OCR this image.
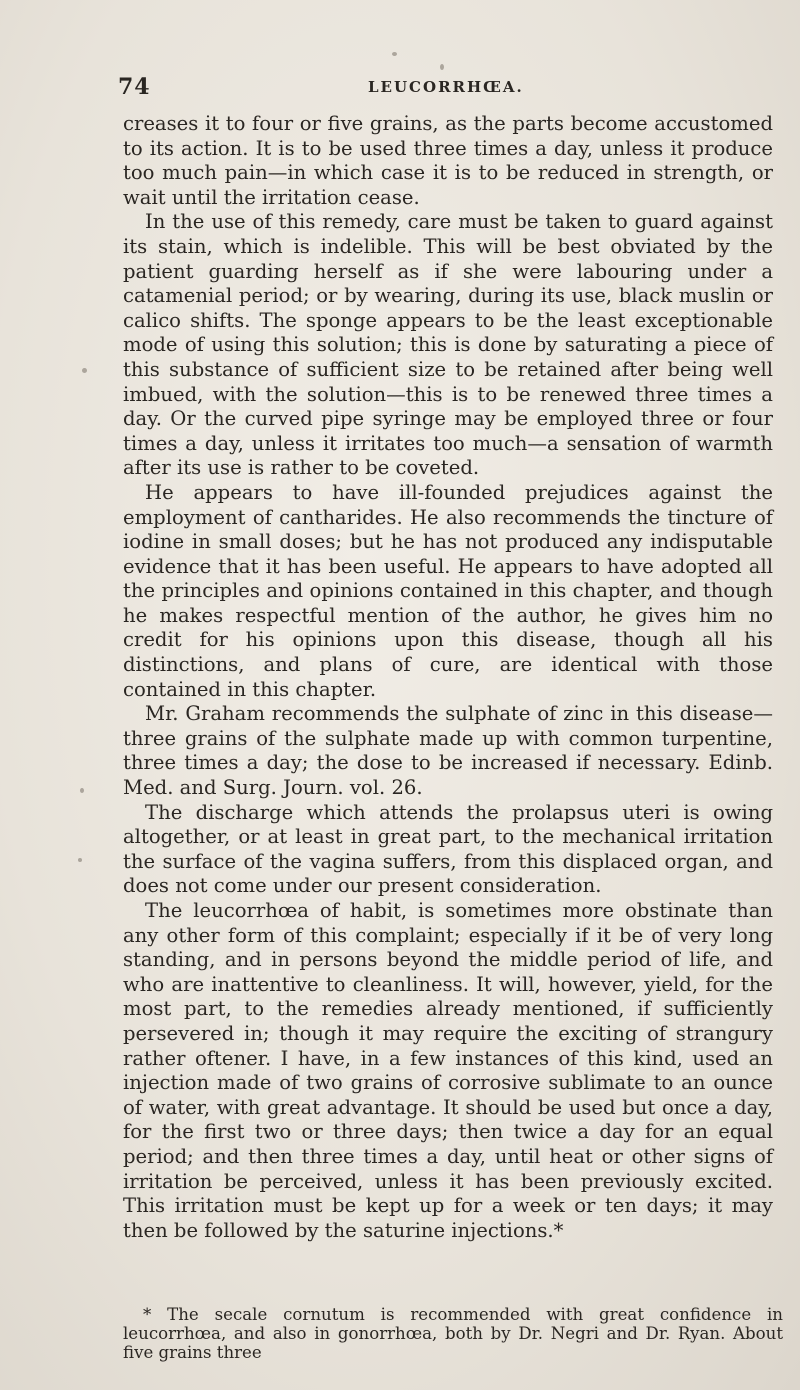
74	LEUCORRHŒA.

creases it to four or five grains, as the parts become accustomed to its action. It is to be used three times a day, unless it produce too much pain—in which case it is to be reduced in strength, or wait until the irritation cease.

In the use of this remedy, care must be taken to guard against its stain, which is indelible. This will be best obviated by the patient guarding herself as if she were labouring under a catamenial period; or by wearing, during its use, black muslin or calico shifts. The sponge appears to be the least exceptionable mode of using this solution; this is done by saturating a piece of this substance of sufficient size to be retained after being well imbued, with the solution—this is to be renewed three times a day. Or the curved pipe syringe may be employed three or four times a day, unless it irritates too much—a sensation of warmth after its use is rather to be coveted.

He appears to have ill-founded prejudices against the employment of cantharides. He also recommends the tincture of iodine in small doses; but he has not produced any indisputable evidence that it has been useful. He appears to have adopted all the principles and opinions contained in this chapter, and though he makes respectful mention of the author, he gives him no credit for his opinions upon this disease, though all his distinctions, and plans of cure, are identical with those contained in this chapter.

Mr. Graham recommends the sulphate of zinc in this disease—three grains of the sulphate made up with common turpentine, three times a day; the dose to be increased if necessary. Edinb. Med. and Surg. Journ. vol. 26.

The discharge which attends the prolapsus uteri is owing altogether, or at least in great part, to the mechanical irritation the surface of the vagina suffers, from this displaced organ, and does not come under our present consideration.

The leucorrhœa of habit, is sometimes more obstinate than any other form of this complaint; especially if it be of very long standing, and in persons beyond the middle period of life, and who are inattentive to cleanliness. It will, however, yield, for the most part, to the remedies already mentioned, if sufficiently persevered in; though it may require the exciting of strangury rather oftener. I have, in a few instances of this kind, used an injection made of two grains of corrosive sublimate to an ounce of water, with great advantage. It should be used but once a day, for the first two or three days; then twice a day for an equal period; and then three times a day, until heat or other signs of irritation be perceived, unless it has been previously excited. This irritation must be kept up for a week or ten days; it may then be followed by the saturine injections.*

* The secale cornutum is recommended with great confidence in leucorrhœa, and also in gonorrhœa, both by Dr. Negri and Dr. Ryan. About five grains three
